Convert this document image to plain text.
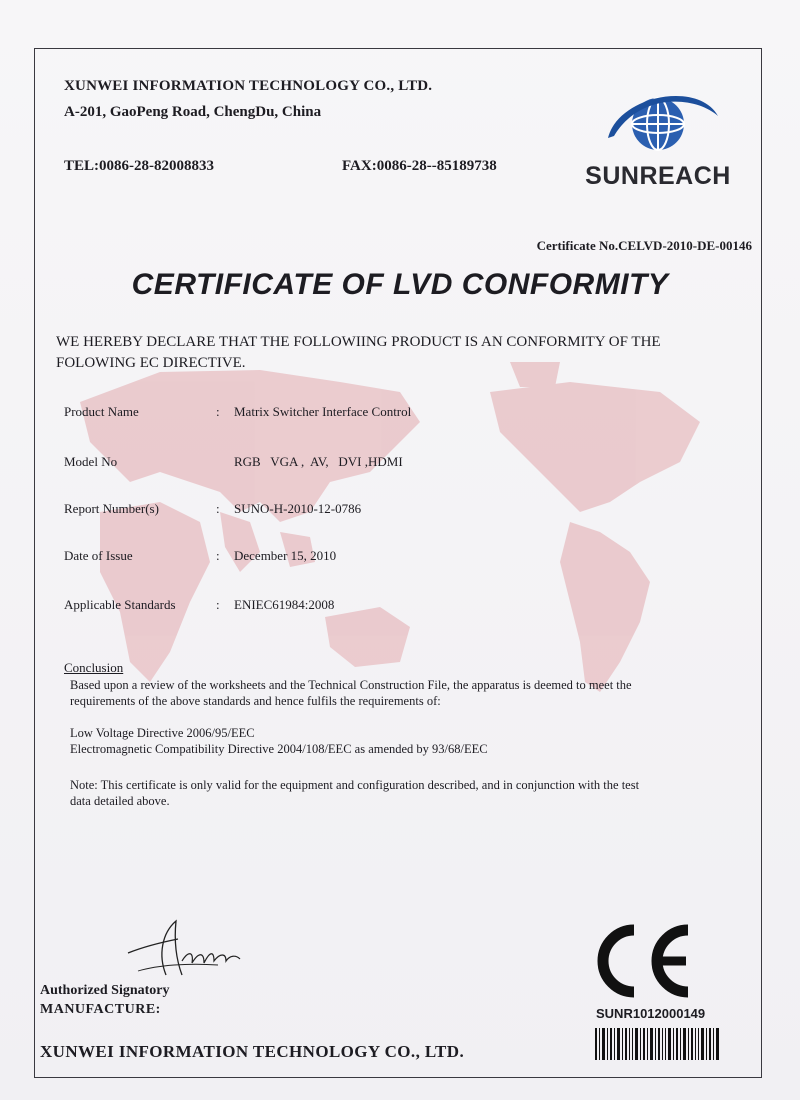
XUNWEI INFORMATION TECHNOLOGY CO., LTD.
A-201, GaoPeng Road, ChengDu, China
TEL:0086-28-82008833	FAX:0086-28--85189738	SUNREACH
Certificate No.CELVD-2010-DE-00146
CERTIFICATE OF LVD CONFORMITY
WE HEREBY DECLARE THAT THE FOLLOWIING PRODUCT IS AN CONFORMITY OF THE
FOLOWING EC DIRECTIVE.
Product Name	: Matrix Switcher Interface Control
Model No	RGB   VGA ,  AV,   DVI ,HDMI
Report Number(s)	: SUNO-H-2010-12-0786
Date of Issue	: December 15, 2010
Applicable Standards	: ENIEC61984:2008
Conclusion
Based upon a review of the worksheets and the Technical Construction File, the apparatus is deemed to meet the
requirements of the above standards and hence fulfils the requirements of:
Low Voltage Directive 2006/95/EEC
Electromagnetic Compatibility Directive 2004/108/EEC as amended by 93/68/EEC
Note: This certificate is only valid for the equipment and configuration described, and in conjunction with the test
data detailed above.
Authorized Signatory
MANUFACTURE:
XUNWEI INFORMATION TECHNOLOGY CO., LTD.
SUNR1012000149
